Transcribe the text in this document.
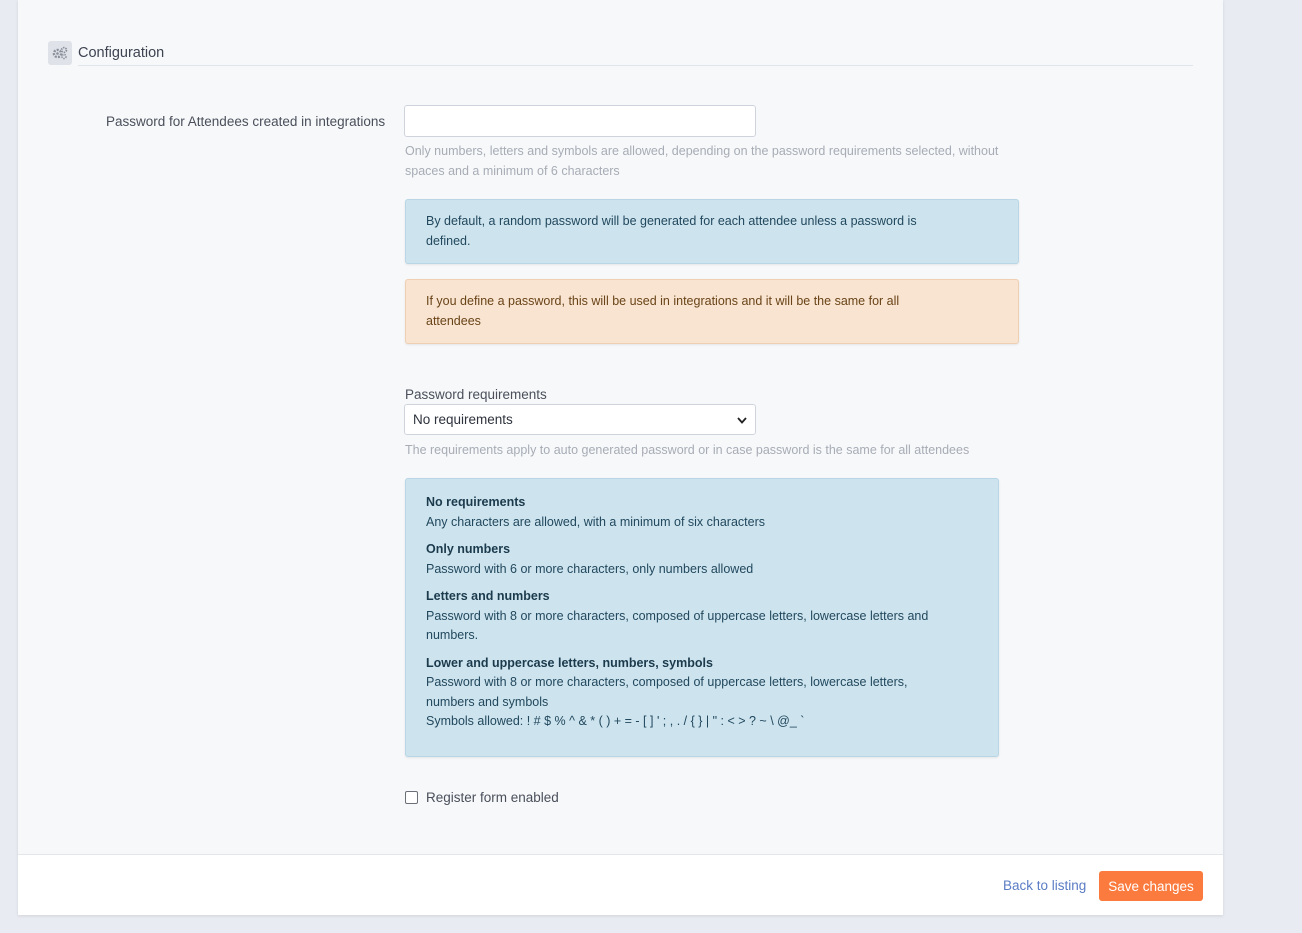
Configuration
Password for Attendees created in integrations
Only numbers, letters and symbols are allowed, depending on the password requirements selected, without spaces and a minimum of 6 characters

By default, a random password will be generated for each attendee unless a password is defined.

If you define a password, this will be used in integrations and it will be the same for all attendees

Password requirements
No requirements
The requirements apply to auto generated password or in case password is the same for all attendees
No requirements
Any characters are allowed, with a minimum of six characters
Only numbers
Password with 6 or more characters, only numbers allowed
Letters and numbers
Password with 8 or more characters, composed of uppercase letters, lowercase letters and numbers.
Lower and uppercase letters, numbers, symbols
Password with 8 or more characters, composed of uppercase letters, lowercase letters, numbers and symbols
Symbols allowed: ! # $ % ^ & * ( ) + = - [ ] ' ; , . / { } | " : < > ? ~ \ @_ `
Register form enabled
Back to listing	Save changes
